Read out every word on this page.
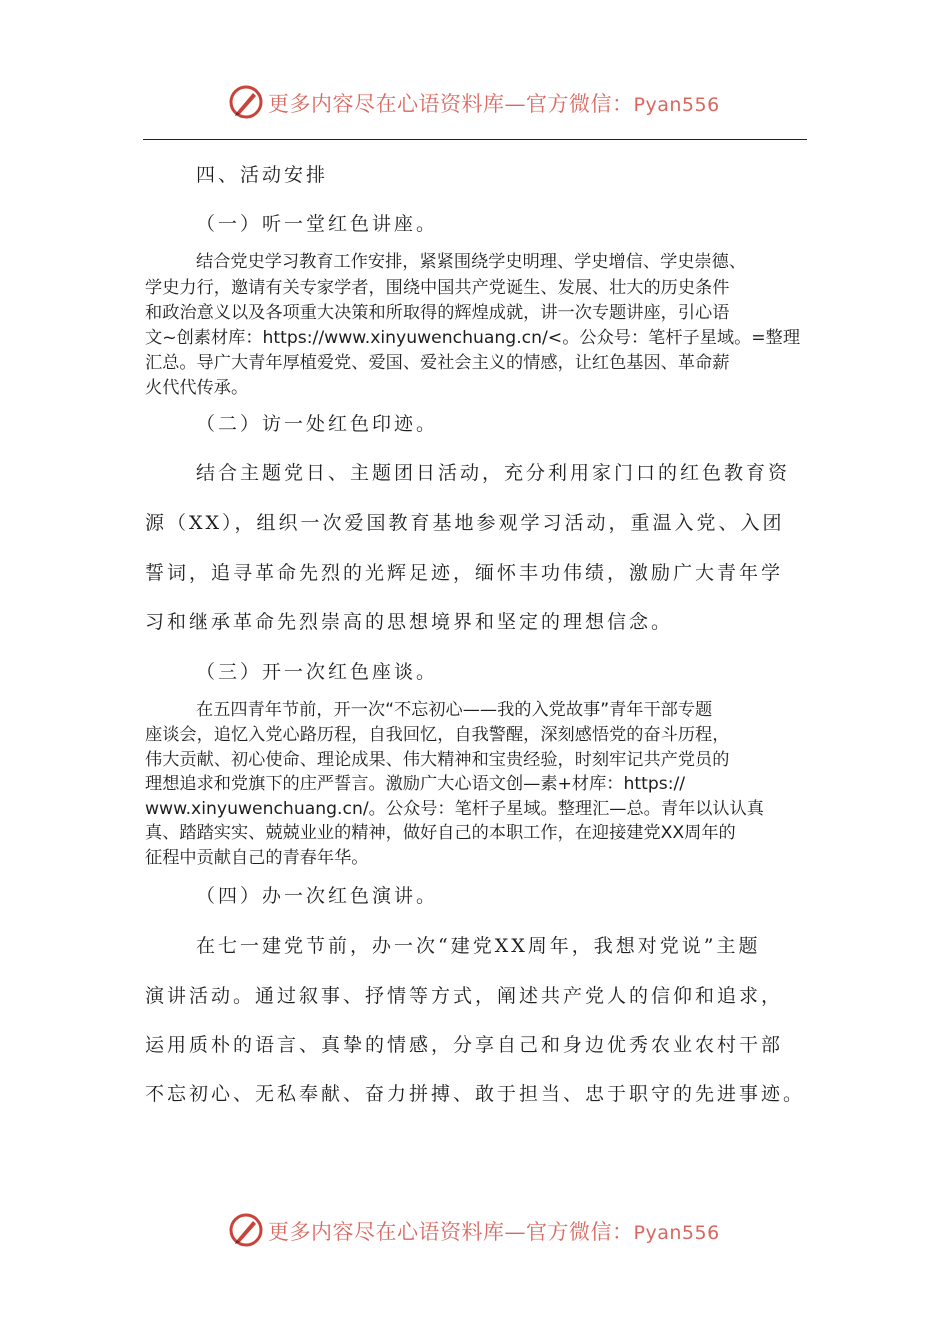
更多内容尽在心语资料库—官方微信：Pyan556
四、活动安排
（一）听一堂红色讲座。
结合党史学习教育工作安排，紧紧围绕学史明理、学史增信、学史崇德、
学史力行，邀请有关专家学者，围绕中国共产党诞生、发展、壮大的历史条件
和政治意义以及各项重大决策和所取得的辉煌成就，讲一次专题讲座，引心语
文~创素材库：https://www.xinyuwenchuang.cn/<。公众号：笔杆子星域。=整理
汇总。导广大青年厚植爱党、爱国、爱社会主义的情感，让红色基因、革命薪
火代代传承。
（二）访一处红色印迹。
结合主题党日、主题团日活动，充分利用家门口的红色教育资
源（XX），组织一次爱国教育基地参观学习活动，重温入党、入团
誓词，追寻革命先烈的光辉足迹，缅怀丰功伟绩，激励广大青年学
习和继承革命先烈崇高的思想境界和坚定的理想信念。
（三）开一次红色座谈。
在五四青年节前，开一次“不忘初心——我的入党故事”青年干部专题
座谈会，追忆入党心路历程，自我回忆，自我警醒，深刻感悟党的奋斗历程，
伟大贡献、初心使命、理论成果、伟大精神和宝贵经验，时刻牢记共产党员的
理想追求和党旗下的庄严誓言。激励广大心语文创—素+材库：https://
www.xinyuwenchuang.cn/。公众号：笔杆子星域。整理汇—总。青年以认认真
真、踏踏实实、兢兢业业的精神，做好自己的本职工作，在迎接建党XX周年的
征程中贡献自己的青春年华。
（四）办一次红色演讲。
在七一建党节前，办一次“建党XX周年，我想对党说”主题
演讲活动。通过叙事、抒情等方式，阐述共产党人的信仰和追求，
运用质朴的语言、真挚的情感，分享自己和身边优秀农业农村干部
不忘初心、无私奉献、奋力拼搏、敢于担当、忠于职守的先进事迹。
更多内容尽在心语资料库—官方微信：Pyan556
